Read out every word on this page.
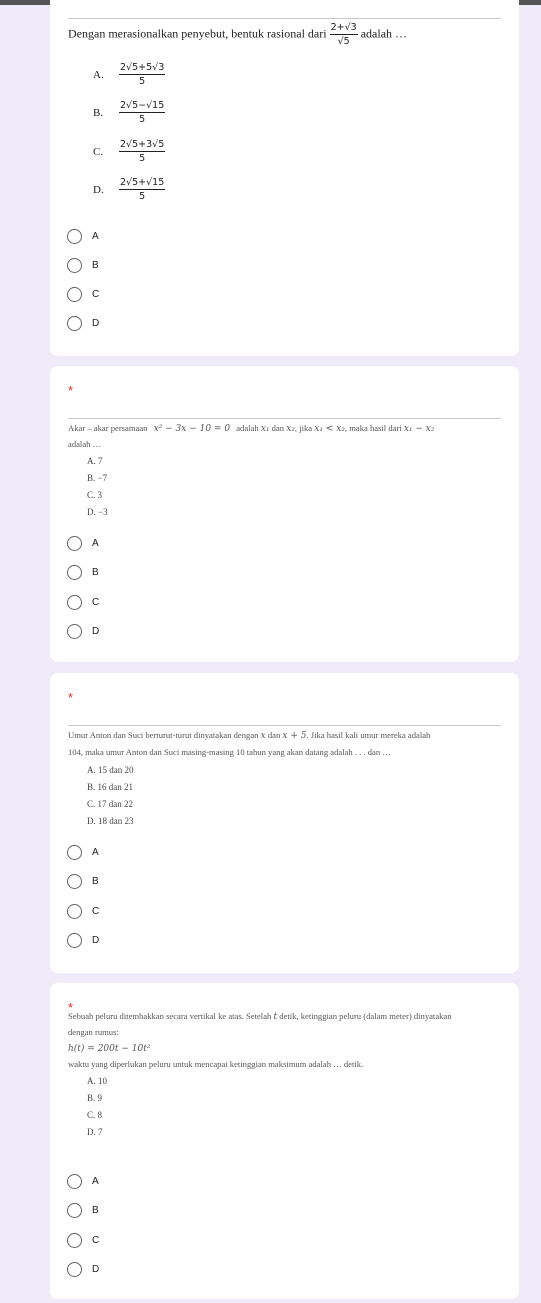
Dengan merasionalkan penyebut, bentuk rasional dari $\frac{2+√3}{√5}$ adalah …
A.	$\frac{2√5+5√3}{5}$
B.	$\frac{2√5-√15}{5}$
C.	$\frac{2√5+3√5}{5}$
D.	$\frac{2√5+√15}{5}$
A
B
C
D
*
Akar – akar persamaan x² − 3x − 10 = 0 adalah x₁ dan x₂, jika x₁ < x₂, maka hasil dari x₁ − x₂
adalah …
A. 7
B. −7
C. 3
D. −3
A
B
C
D
*
Umur Anton dan Suci berturut-turut dinyatakan dengan x dan x + 5. Jika hasil kali umur mereka adalah
104, maka umur Anton dan Suci masing-masing 10 tahun yang akan datang adalah . . . dan …
A. 15 dan 20
B. 16 dan 21
C. 17 dan 22
D. 18 dan 23
A
B
C
D
*
Sebuah peluru ditembakkan secara vertikal ke atas. Setelah t detik, ketinggian peluru (dalam meter) dinyatakan
dengan rumus:
h(t) = 200t − 10t²
waktu yang diperlukan peluru untuk mencapai ketinggian maksimum adalah … detik.
A. 10
B. 9
C. 8
D. 7
A
B
C
D
